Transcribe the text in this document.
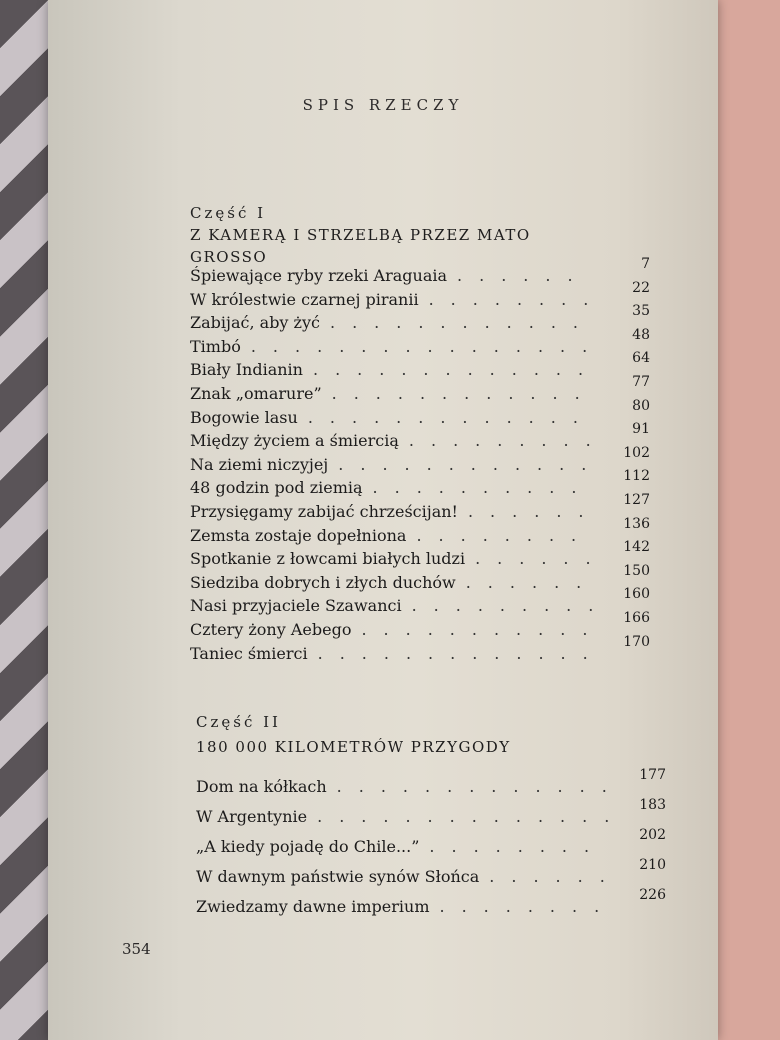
SPIS RZECZY
Część I
Z KAMERĄ I STRZELBĄ PRZEZ MATO
GROSSO
Śpiewające ryby rzeki Araguaia ......
7
W królestwie czarnej piranii ........
22
Zabijać, aby żyć ............
35
Timbó ................
48
Biały Indianin .............
64
Znak „omarure” ............
77
Bogowie lasu .............
80
Między życiem a śmiercią .........
91
Na ziemi niczyjej ............
102
48 godzin pod ziemią ..........
112
Przysięgamy zabijać chrześcijan! ......
127
Zemsta zostaje dopełniona ........
136
Spotkanie z łowcami białych ludzi ......
142
Siedziba dobrych i złych duchów ......
150
Nasi przyjaciele Szawanci .........
160
Cztery żony Aebego ...........
166
Taniec śmierci .............
170
Część II
180 000 KILOMETRÓW PRZYGODY
Dom na kółkach .............
177
W Argentynie ..............
183
„A kiedy pojadę do Chile...” ........
202
W dawnym państwie synów Słońca ......
210
Zwiedzamy dawne imperium ........
226
354
